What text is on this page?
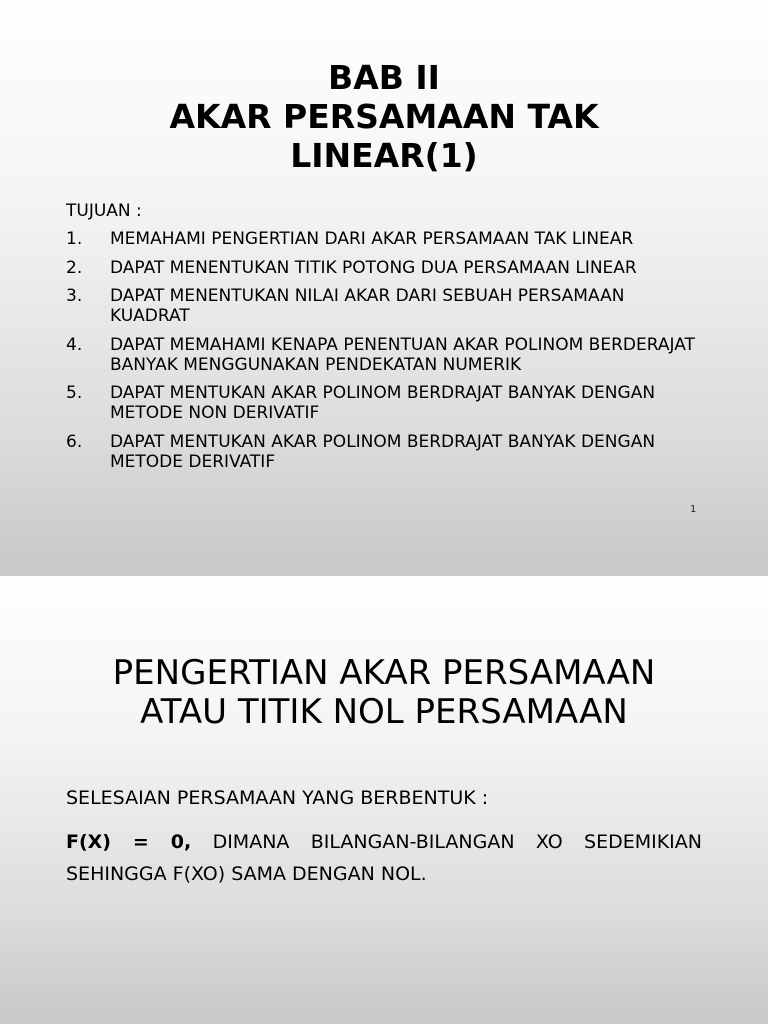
BAB II
AKAR PERSAMAAN TAK
LINEAR(1)
TUJUAN :
1. MEMAHAMI PENGERTIAN DARI AKAR PERSAMAAN TAK LINEAR
2. DAPAT MENENTUKAN TITIK POTONG DUA PERSAMAAN LINEAR
3. DAPAT MENENTUKAN NILAI AKAR DARI SEBUAH PERSAMAAN KUADRAT
4. DAPAT MEMAHAMI KENAPA PENENTUAN AKAR POLINOM BERDERAJAT BANYAK MENGGUNAKAN PENDEKATAN NUMERIK
5. DAPAT MENTUKAN AKAR POLINOM BERDRAJAT BANYAK DENGAN METODE NON DERIVATIF
6. DAPAT MENTUKAN AKAR POLINOM BERDRAJAT BANYAK DENGAN METODE DERIVATIF
1
PENGERTIAN AKAR PERSAMAAN
ATAU TITIK NOL PERSAMAAN
SELESAIAN PERSAMAAN YANG BERBENTUK :
F(X) = 0, DIMANA BILANGAN-BILANGAN XO SEDEMIKIAN SEHINGGA F(XO) SAMA DENGAN NOL.
